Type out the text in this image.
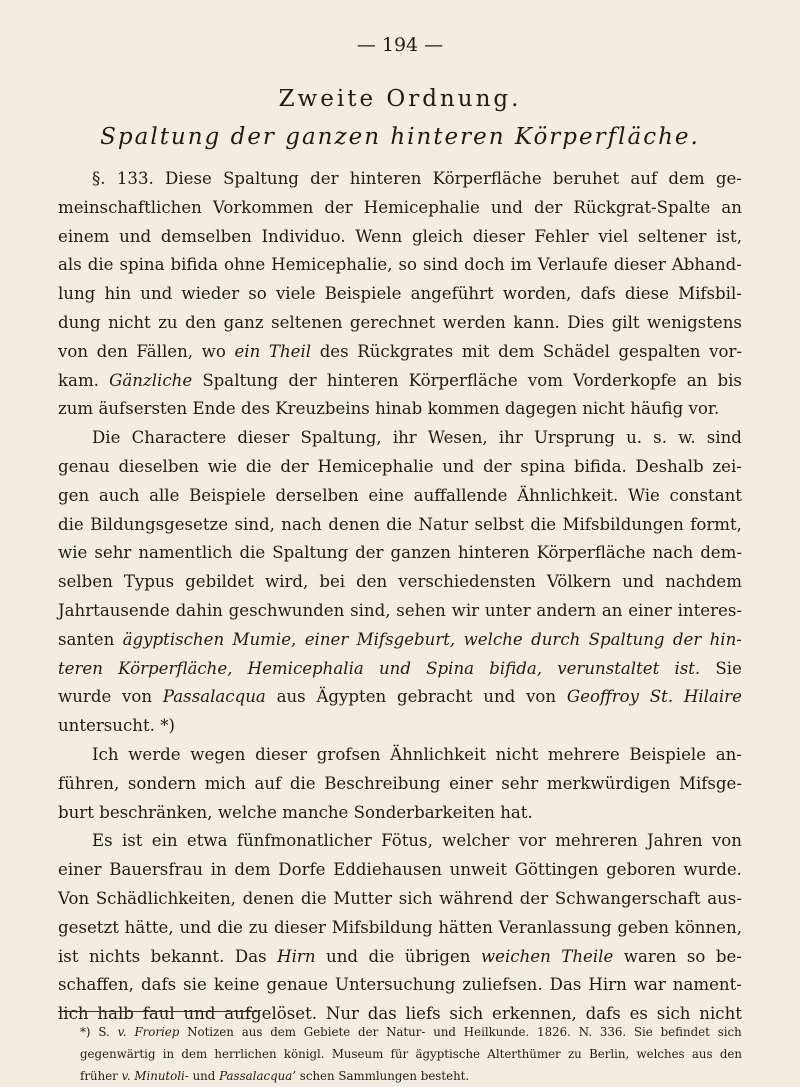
— 194 —
Zweite Ordnung.
Spaltung der ganzen hinteren Körperfläche.
§. 133. Diese Spaltung der hinteren Körperfläche beruhet auf dem ge-
meinschaftlichen Vorkommen der Hemicephalie und der Rückgrat-Spalte an
einem und demselben Individuo. Wenn gleich dieser Fehler viel seltener ist,
als die spina bifida ohne Hemicephalie, so sind doch im Verlaufe dieser Abhand-
lung hin und wieder so viele Beispiele angeführt worden, dafs diese Mifsbil-
dung nicht zu den ganz seltenen gerechnet werden kann. Dies gilt wenigstens
von den Fällen, wo ein Theil des Rückgrates mit dem Schädel gespalten vor-
kam. Gänzliche Spaltung der hinteren Körperfläche vom Vorderkopfe an bis
zum äufsersten Ende des Kreuzbeins hinab kommen dagegen nicht häufig vor.
Die Charactere dieser Spaltung, ihr Wesen, ihr Ursprung u. s. w. sind
genau dieselben wie die der Hemicephalie und der spina bifida. Deshalb zei-
gen auch alle Beispiele derselben eine auffallende Ähnlichkeit. Wie constant
die Bildungsgesetze sind, nach denen die Natur selbst die Mifsbildungen formt,
wie sehr namentlich die Spaltung der ganzen hinteren Körperfläche nach dem-
selben Typus gebildet wird, bei den verschiedensten Völkern und nachdem
Jahrtausende dahin geschwunden sind, sehen wir unter andern an einer interes-
santen ägyptischen Mumie, einer Mifsgeburt, welche durch Spaltung der hin-
teren Körperfläche, Hemicephalia und Spina bifida, verunstaltet ist. Sie
wurde von Passalacqua aus Ägypten gebracht und von Geoffroy St. Hilaire
untersucht. *)
Ich werde wegen dieser grofsen Ähnlichkeit nicht mehrere Beispiele an-
führen, sondern mich auf die Beschreibung einer sehr merkwürdigen Mifsge-
burt beschränken, welche manche Sonderbarkeiten hat.
Es ist ein etwa fünfmonatlicher Fötus, welcher vor mehreren Jahren von
einer Bauersfrau in dem Dorfe Eddiehausen unweit Göttingen geboren wurde.
Von Schädlichkeiten, denen die Mutter sich während der Schwangerschaft aus-
gesetzt hätte, und die zu dieser Mifsbildung hätten Veranlassung geben können,
ist nichts bekannt. Das Hirn und die übrigen weichen Theile waren so be-
schaffen, dafs sie keine genaue Untersuchung zuliefsen. Das Hirn war nament-
lich halb faul und aufgelöset. Nur das liefs sich erkennen, dafs es sich nicht
*) S. v. Froriep Notizen aus dem Gebiete der Natur- und Heilkunde. 1826. N. 336. Sie befindet sich
gegenwärtig in dem herrlichen königl. Museum für ägyptische Alterthümer zu Berlin, welches aus den
früher v. Minutoli- und Passalacqua’ schen Sammlungen besteht.
